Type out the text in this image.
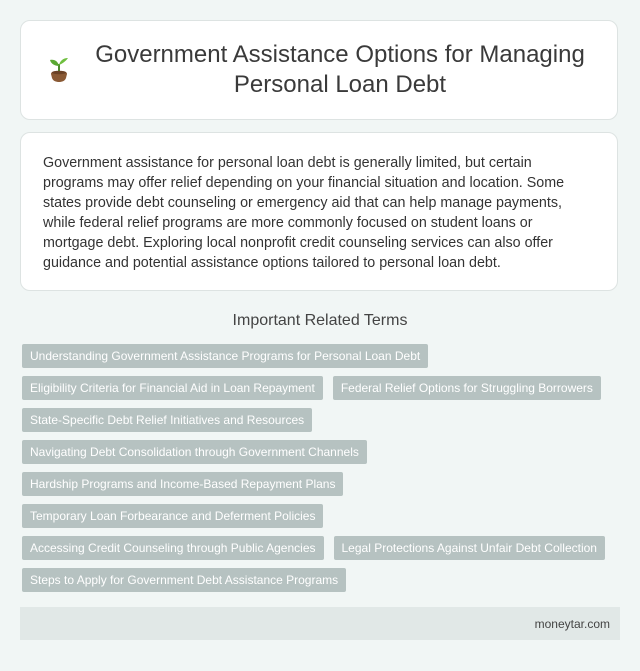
Government Assistance Options for Managing Personal Loan Debt

Government assistance for personal loan debt is generally limited, but certain programs may offer relief depending on your financial situation and location. Some states provide debt counseling or emergency aid that can help manage payments, while federal relief programs are more commonly focused on student loans or mortgage debt. Exploring local nonprofit credit counseling services can also offer guidance and potential assistance options tailored to personal loan debt.

Important Related Terms
Understanding Government Assistance Programs for Personal Loan Debt
Eligibility Criteria for Financial Aid in Loan Repayment	Federal Relief Options for Struggling Borrowers
State-Specific Debt Relief Initiatives and Resources
Navigating Debt Consolidation through Government Channels
Hardship Programs and Income-Based Repayment Plans
Temporary Loan Forbearance and Deferment Policies
Accessing Credit Counseling through Public Agencies	Legal Protections Against Unfair Debt Collection
Steps to Apply for Government Debt Assistance Programs
moneytar.com
